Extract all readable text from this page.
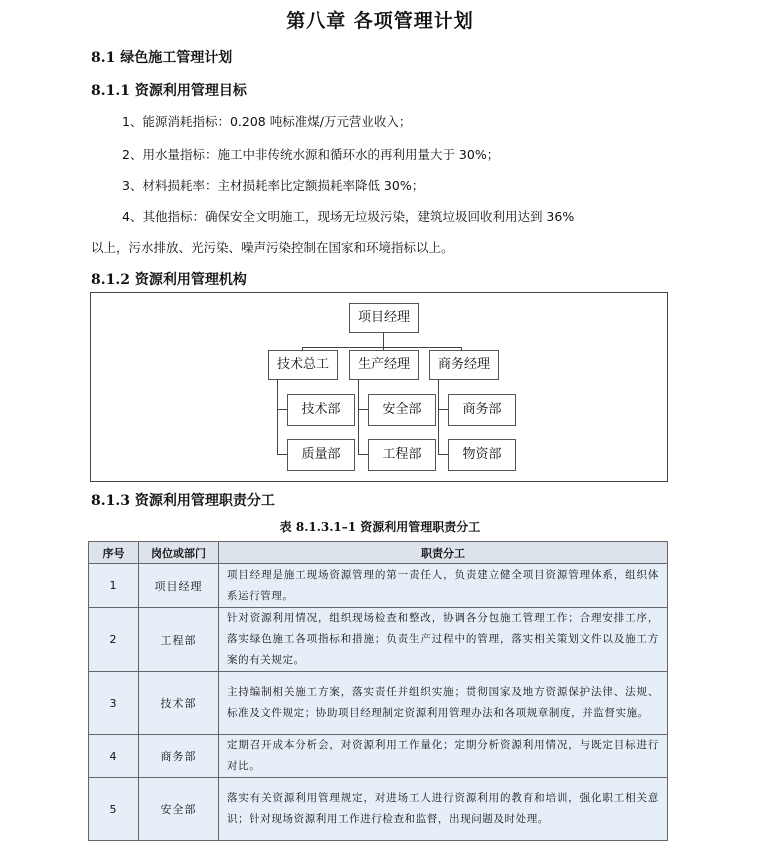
第八章 各项管理计划
8.1 绿色施工管理计划
8.1.1 资源利用管理目标
1、能源消耗指标：0.208 吨标准煤/万元营业收入；
2、用水量指标：施工中非传统水源和循环水的再利用量大于 30%；
3、材料损耗率：主材损耗率比定额损耗率降低 30%；
4、其他指标：确保安全文明施工，现场无垃圾污染，建筑垃圾回收利用达到 36%
以上，污水排放、光污染、噪声污染控制在国家和环境指标以上。
8.1.2 资源利用管理机构
项目经理
技术总工	生产经理	商务经理
技术部
质量部
安全部
工程部
商务部
物资部
8.1.3 资源利用管理职责分工
表 8.1.3.1–1 资源利用管理职责分工
序号	岗位或部门	职责分工
1	项目经理	项目经理是施工现场资源管理的第一责任人，负责建立健全项目资源管理体系，组织体系运行管理。
2	工程部	针对资源利用情况，组织现场检查和整改，协调各分包施工管理工作；合理安排工序，落实绿色施工各项指标和措施；负责生产过程中的管理，落实相关策划文件以及施工方案的有关规定。
3	技术部	主持编制相关施工方案，落实责任并组织实施；贯彻国家及地方资源保护法律、法规、标准及文件规定；协助项目经理制定资源利用管理办法和各项规章制度，并监督实施。
4	商务部	定期召开成本分析会，对资源利用工作量化；定期分析资源利用情况，与既定目标进行对比。
5	安全部	落实有关资源利用管理规定，对进场工人进行资源利用的教育和培训，强化职工相关意识；针对现场资源利用工作进行检查和监督，出现问题及时处理。
